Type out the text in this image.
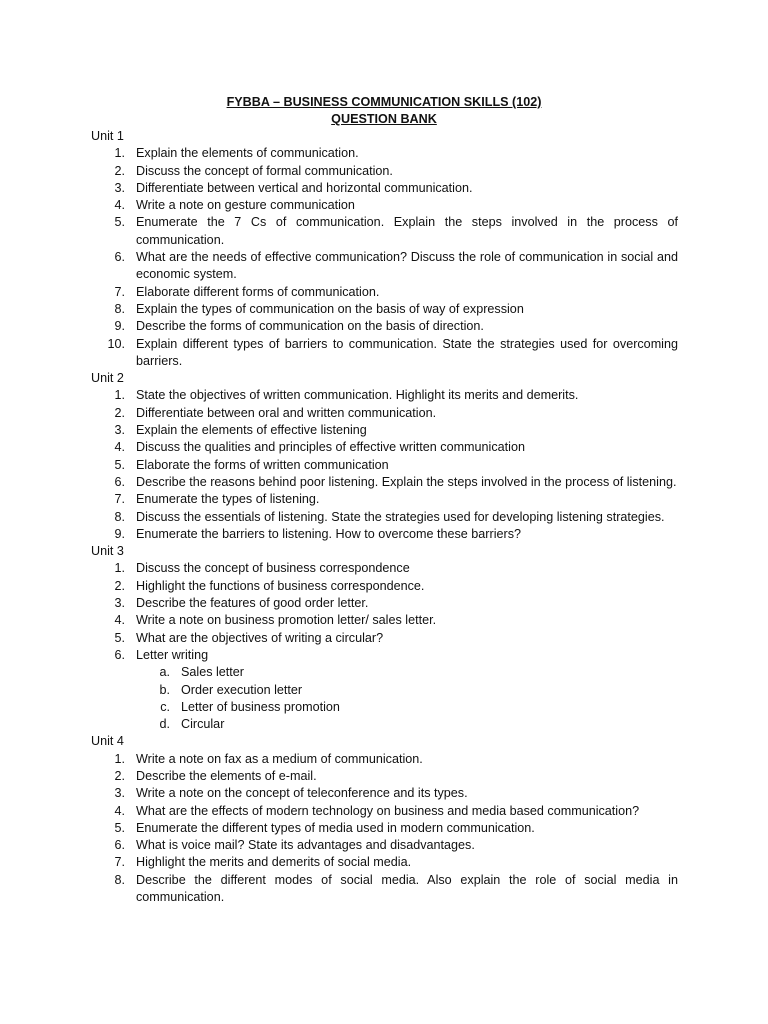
FYBBA – BUSINESS COMMUNICATION SKILLS (102)
QUESTION BANK
Unit 1
1. Explain the elements of communication.
2. Discuss the concept of formal communication.
3. Differentiate between vertical and horizontal communication.
4. Write a note on gesture communication
5. Enumerate the 7 Cs of communication. Explain the steps involved in the process of communication.
6. What are the needs of effective communication? Discuss the role of communication in social and economic system.
7. Elaborate different forms of communication.
8. Explain the types of communication on the basis of way of expression
9. Describe the forms of communication on the basis of direction.
10. Explain different types of barriers to communication. State the strategies used for overcoming barriers.
Unit 2
1. State the objectives of written communication. Highlight its merits and demerits.
2. Differentiate between oral and written communication.
3. Explain the elements of effective listening
4. Discuss the qualities and principles of effective written communication
5. Elaborate the forms of written communication
6. Describe the reasons behind poor listening. Explain the steps involved in the process of listening.
7. Enumerate the types of listening.
8. Discuss the essentials of listening. State the strategies used for developing listening strategies.
9. Enumerate the barriers to listening. How to overcome these barriers?
Unit 3
1. Discuss the concept of business correspondence
2. Highlight the functions of business correspondence.
3. Describe the features of good order letter.
4. Write a note on business promotion letter/ sales letter.
5. What are the objectives of writing a circular?
6. Letter writing
a. Sales letter
b. Order execution letter
c. Letter of business promotion
d. Circular
Unit 4
1. Write a note on fax as a medium of communication.
2. Describe the elements of e-mail.
3. Write a note on the concept of teleconference and its types.
4. What are the effects of modern technology on business and media based communication?
5. Enumerate the different types of media used in modern communication.
6. What is voice mail? State its advantages and disadvantages.
7. Highlight the merits and demerits of social media.
8. Describe the different modes of social media. Also explain the role of social media in communication.
